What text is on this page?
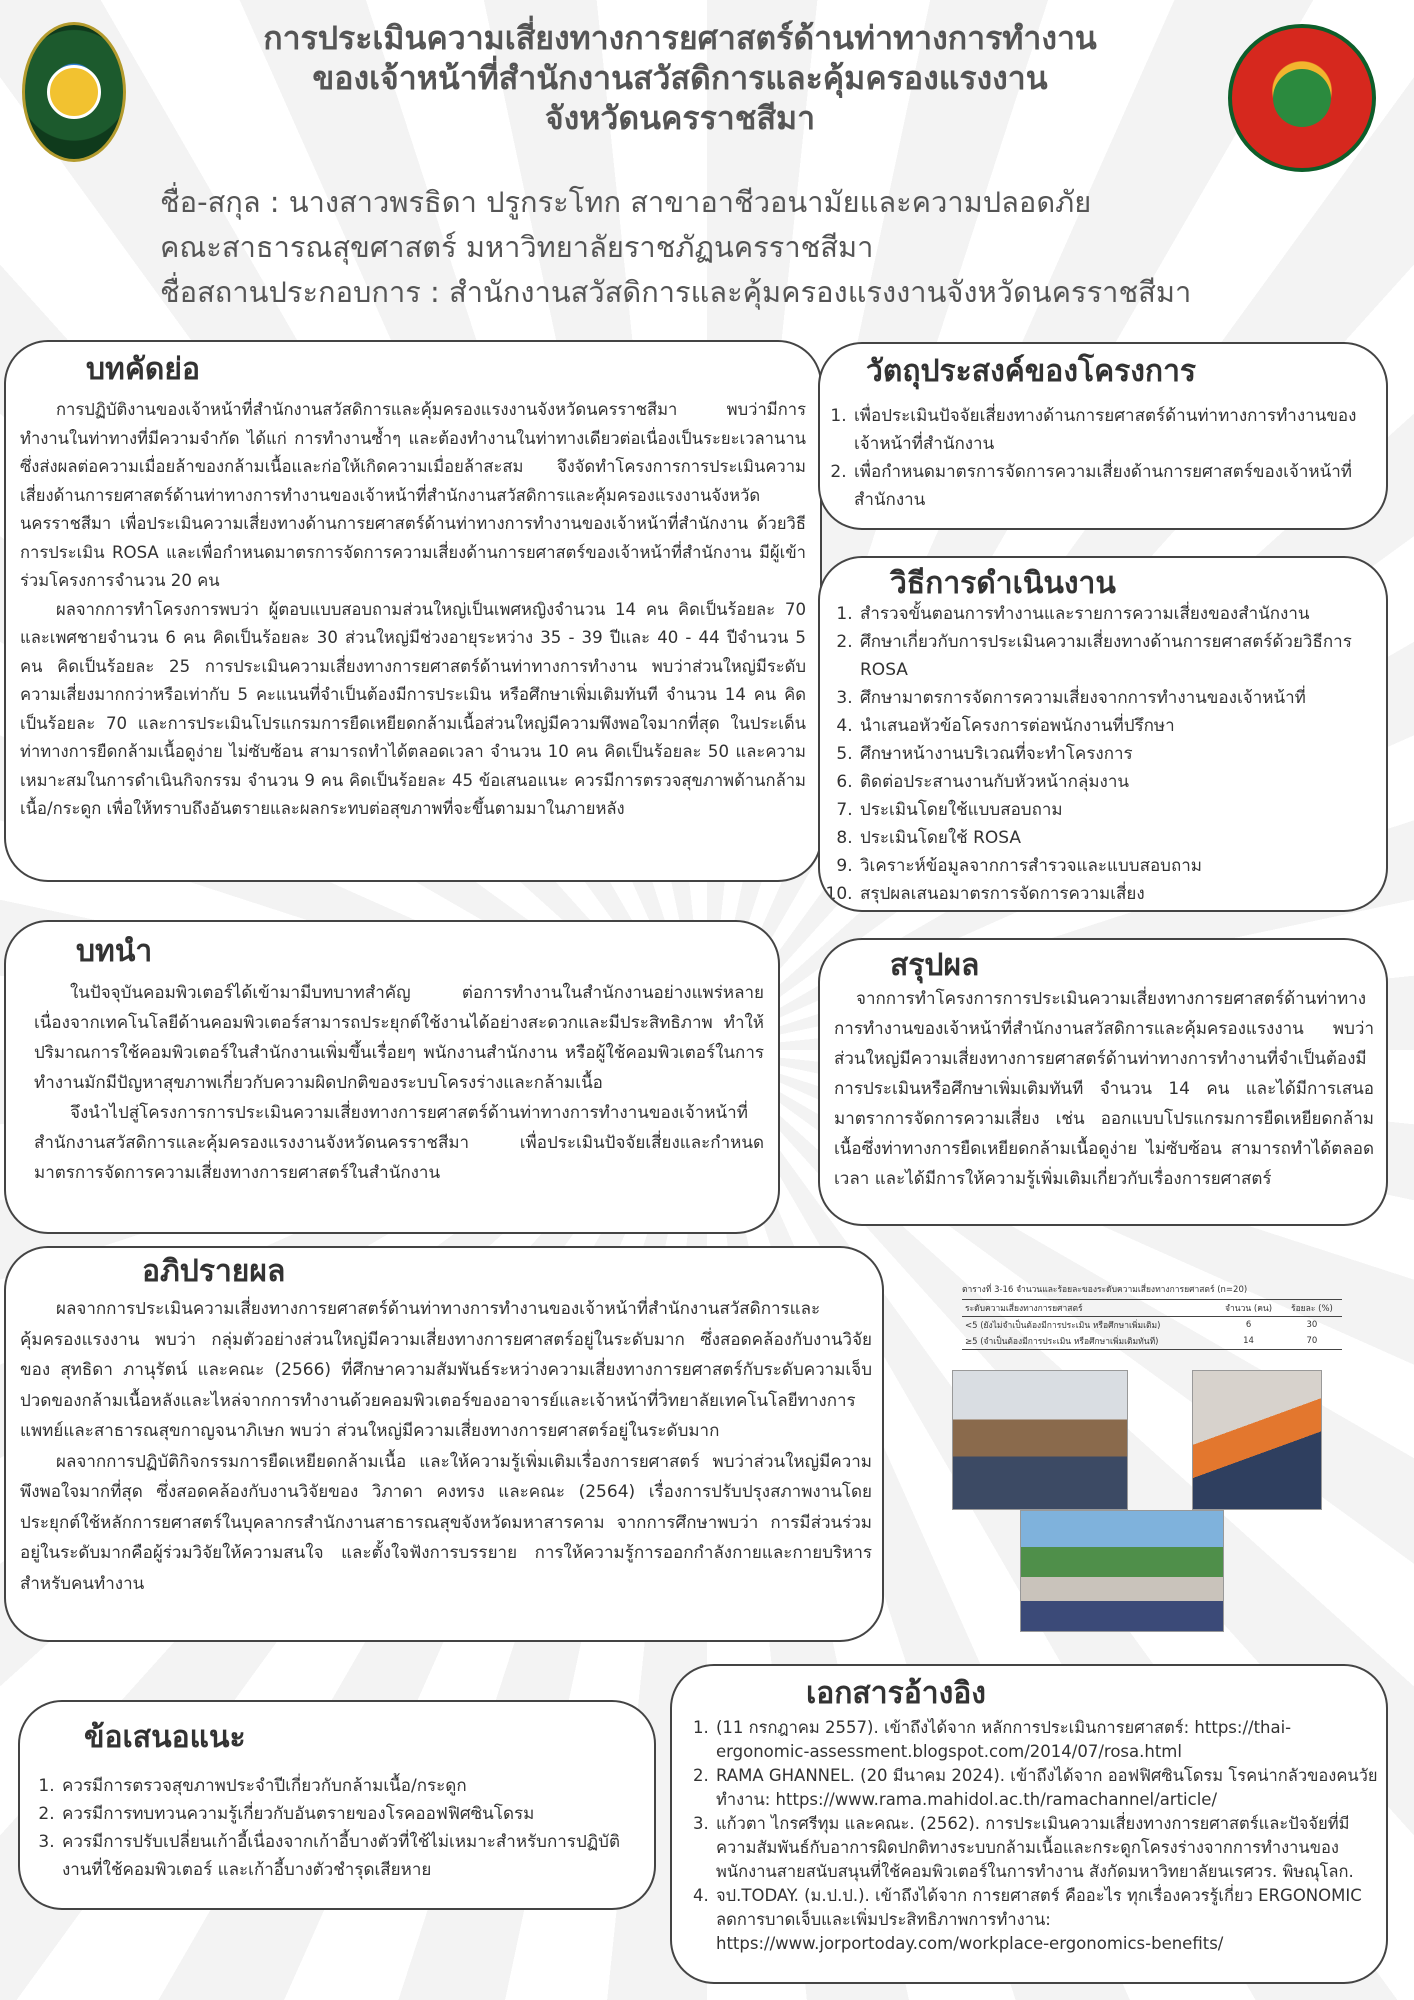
การประเมินความเสี่ยงทางการยศาสตร์ด้านท่าทางการทำงาน
ของเจ้าหน้าที่สำนักงานสวัสดิการและคุ้มครองแรงงาน
จังหวัดนครราชสีมา
ชื่อ-สกุล : นางสาวพรธิดา ปรูกระโทก สาขาอาชีวอนามัยและความปลอดภัย
คณะสาธารณสุขศาสตร์ มหาวิทยาลัยราชภัฏนครราชสีมา
ชื่อสถานประกอบการ : สำนักงานสวัสดิการและคุ้มครองแรงงานจังหวัดนครราชสีมา
บทคัดย่อ

การปฏิบัติงานของเจ้าหน้าที่สำนักงานสวัสดิการและคุ้มครองแรงงานจังหวัดนครราชสีมา พบว่ามีการทำงานในท่าทางที่มีความจำกัด ได้แก่ การทำงานซ้ำๆ และต้องทำงานในท่าทางเดียวต่อเนื่องเป็นระยะเวลานาน ซึ่งส่งผลต่อความเมื่อยล้าของกล้ามเนื้อและก่อให้เกิดความเมื่อยล้าสะสม จึงจัดทำโครงการการประเมินความเสี่ยงด้านการยศาสตร์ด้านท่าทางการทำงานของเจ้าหน้าที่สำนักงานสวัสดิการและคุ้มครองแรงงานจังหวัดนครราชสีมา เพื่อประเมินความเสี่ยงทางด้านการยศาสตร์ด้านท่าทางการทำงานของเจ้าหน้าที่สำนักงาน ด้วยวิธีการประเมิน ROSA และเพื่อกำหนดมาตรการจัดการความเสี่ยงด้านการยศาสตร์ของเจ้าหน้าที่สำนักงาน มีผู้เข้าร่วมโครงการจำนวน 20 คน

ผลจากการทำโครงการพบว่า ผู้ตอบแบบสอบถามส่วนใหญ่เป็นเพศหญิงจำนวน 14 คน คิดเป็นร้อยละ 70 และเพศชายจำนวน 6 คน คิดเป็นร้อยละ 30 ส่วนใหญ่มีช่วงอายุระหว่าง 35 - 39 ปีและ 40 - 44 ปีจำนวน 5 คน คิดเป็นร้อยละ 25 การประเมินความเสี่ยงทางการยศาสตร์ด้านท่าทางการทำงาน พบว่าส่วนใหญ่มีระดับความเสี่ยงมากกว่าหรือเท่ากับ 5 คะแนนที่จำเป็นต้องมีการประเมิน หรือศึกษาเพิ่มเติมทันที จำนวน 14 คน คิดเป็นร้อยละ 70 และการประเมินโปรแกรมการยืดเหยียดกล้ามเนื้อส่วนใหญ่มีความพึงพอใจมากที่สุด ในประเด็นท่าทางการยืดกล้ามเนื้อดูง่าย ไม่ซับซ้อน สามารถทำได้ตลอดเวลา จำนวน 10 คน คิดเป็นร้อยละ 50 และความเหมาะสมในการดำเนินกิจกรรม จำนวน 9 คน คิดเป็นร้อยละ 45 ข้อเสนอแนะ ควรมีการตรวจสุขภาพด้านกล้ามเนื้อ/กระดูก เพื่อให้ทราบถึงอันตรายและผลกระทบต่อสุขภาพที่จะขึ้นตามมาในภายหลัง

วัตถุประสงค์ของโครงการ
1. เพื่อประเมินปัจจัยเสี่ยงทางด้านการยศาสตร์ด้านท่าทางการทำงานของเจ้าหน้าที่สำนักงาน
2. เพื่อกำหนดมาตรการจัดการความเสี่ยงด้านการยศาสตร์ของเจ้าหน้าที่สำนักงาน
วิธีการดำเนินงาน
1. สำรวจขั้นตอนการทำงานและรายการความเสี่ยงของสำนักงาน
2. ศึกษาเกี่ยวกับการประเมินความเสี่ยงทางด้านการยศาสตร์ด้วยวิธีการ ROSA
3. ศึกษามาตรการจัดการความเสี่ยงจากการทำงานของเจ้าหน้าที่
4. นำเสนอหัวข้อโครงการต่อพนักงานที่ปรึกษา
5. ศึกษาหน้างานบริเวณที่จะทำโครงการ
6. ติดต่อประสานงานกับหัวหน้ากลุ่มงาน
7. ประเมินโดยใช้แบบสอบถาม
8. ประเมินโดยใช้ ROSA
9. วิเคราะห์ข้อมูลจากการสำรวจและแบบสอบถาม
10. สรุปผลเสนอมาตรการจัดการความเสี่ยง
บทนำ

ในปัจจุบันคอมพิวเตอร์ได้เข้ามามีบทบาทสำคัญ ต่อการทำงานในสำนักงานอย่างแพร่หลาย เนื่องจากเทคโนโลยีด้านคอมพิวเตอร์สามารถประยุกต์ใช้งานได้อย่างสะดวกและมีประสิทธิภาพ ทำให้ปริมาณการใช้คอมพิวเตอร์ในสำนักงานเพิ่มขึ้นเรื่อยๆ พนักงานสำนักงาน หรือผู้ใช้คอมพิวเตอร์ในการทำงานมักมีปัญหาสุขภาพเกี่ยวกับความผิดปกติของระบบโครงร่างและกล้ามเนื้อ

จึงนำไปสู่โครงการการประเมินความเสี่ยงทางการยศาสตร์ด้านท่าทางการทำงานของเจ้าหน้าที่สำนักงานสวัสดิการและคุ้มครองแรงงานจังหวัดนครราชสีมา เพื่อประเมินปัจจัยเสี่ยงและกำหนดมาตรการจัดการความเสี่ยงทางการยศาสตร์ในสำนักงาน

สรุปผล

จากการทำโครงการการประเมินความเสี่ยงทางการยศาสตร์ด้านท่าทางการทำงานของเจ้าหน้าที่สำนักงานสวัสดิการและคุ้มครองแรงงาน พบว่าส่วนใหญ่มีความเสี่ยงทางการยศาสตร์ด้านท่าทางการทำงานที่จำเป็นต้องมีการประเมินหรือศึกษาเพิ่มเติมทันที จำนวน 14 คน และได้มีการเสนอมาตราการจัดการความเสี่ยง เช่น ออกแบบโปรแกรมการยืดเหยียดกล้ามเนื้อซึ่งท่าทางการยืดเหยียดกล้ามเนื้อดูง่าย ไม่ซับซ้อน สามารถทำได้ตลอดเวลา และได้มีการให้ความรู้เพิ่มเติมเกี่ยวกับเรื่องการยศาสตร์

อภิปรายผล

ผลจากการประเมินความเสี่ยงทางการยศาสตร์ด้านท่าทางการทำงานของเจ้าหน้าที่สำนักงานสวัสดิการและคุ้มครองแรงงาน พบว่า กลุ่มตัวอย่างส่วนใหญ่มีความเสี่ยงทางการยศาสตร์อยู่ในระดับมาก ซึ่งสอดคล้องกับงานวิจัยของ สุทธิดา ภานุรัตน์ และคณะ (2566) ที่ศึกษาความสัมพันธ์ระหว่างความเสี่ยงทางการยศาสตร์กับระดับความเจ็บปวดของกล้ามเนื้อหลังและไหล่จากการทำงานด้วยคอมพิวเตอร์ของอาจารย์และเจ้าหน้าที่วิทยาลัยเทคโนโลยีทางการแพทย์และสาธารณสุขกาญจนาภิเษก พบว่า ส่วนใหญ่มีความเสี่ยงทางการยศาสตร์อยู่ในระดับมาก

ผลจากการปฏิบัติกิจกรรมการยืดเหยียดกล้ามเนื้อ และให้ความรู้เพิ่มเติมเรื่องการยศาสตร์ พบว่าส่วนใหญ่มีความพึงพอใจมากที่สุด ซึ่งสอดคล้องกับงานวิจัยของ วิภาดา คงทรง และคณะ (2564) เรื่องการปรับปรุงสภาพงานโดยประยุกต์ใช้หลักการยศาสตร์ในบุคลากรสำนักงานสาธารณสุขจังหวัดมหาสารคาม จากการศึกษาพบว่า การมีส่วนร่วมอยู่ในระดับมากคือผู้ร่วมวิจัยให้ความสนใจ และตั้งใจฟังการบรรยาย การให้ความรู้การออกกำลังกายและกายบริหารสำหรับคนทำงาน

ตารางที่ 3-16 จำนวนและร้อยละของระดับความเสี่ยงทางการยศาสตร์ (n=20)
ระดับความเสี่ยงทางการยศาสตร์	จำนวน (คน)	ร้อยละ (%)
<5 (ยังไม่จำเป็นต้องมีการประเมิน หรือศึกษาเพิ่มเติม)	6	30
≥5 (จำเป็นต้องมีการประเมิน หรือศึกษาเพิ่มเติมทันที)	14	70
ข้อเสนอแนะ
1. ควรมีการตรวจสุขภาพประจำปีเกี่ยวกับกล้ามเนื้อ/กระดูก
2. ควรมีการทบทวนความรู้เกี่ยวกับอันตรายของโรคออฟฟิศซินโดรม
3. ควรมีการปรับเปลี่ยนเก้าอี้เนื่องจากเก้าอี้บางตัวที่ใช้ไม่เหมาะสำหรับการปฏิบัติงานที่ใช้คอมพิวเตอร์ และเก้าอี้บางตัวชำรุดเสียหาย
เอกสารอ้างอิง
1. (11 กรกฎาคม 2557). เข้าถึงได้จาก หลักการประเมินการยศาสตร์: https://thai-ergonomic-assessment.blogspot.com/2014/07/rosa.html
2. RAMA GHANNEL. (20 มีนาคม 2024). เข้าถึงได้จาก ออฟฟิศซินโดรม โรคน่ากลัวของคนวัยทำงาน: https://www.rama.mahidol.ac.th/ramachannel/article/
3. แก้วตา ไกรศรีทุม และคณะ. (2562). การประเมินความเสี่ยงทางการยศาสตร์และปัจจัยที่มีความสัมพันธ์กับอาการผิดปกติทางระบบกล้ามเนื้อและกระดูกโครงร่างจากการทำงานของพนักงานสายสนับสนุนที่ใช้คอมพิวเตอร์ในการทำงาน สังกัดมหาวิทยาลัยนเรศวร. พิษณุโลก.
4. จป.TODAY. (ม.ป.ป.). เข้าถึงได้จาก การยศาสตร์ คืออะไร ทุกเรื่องควรรู้เกี่ยว ERGONOMIC ลดการบาดเจ็บและเพิ่มประสิทธิภาพการทำงาน: https://www.jorportoday.com/workplace-ergonomics-benefits/
